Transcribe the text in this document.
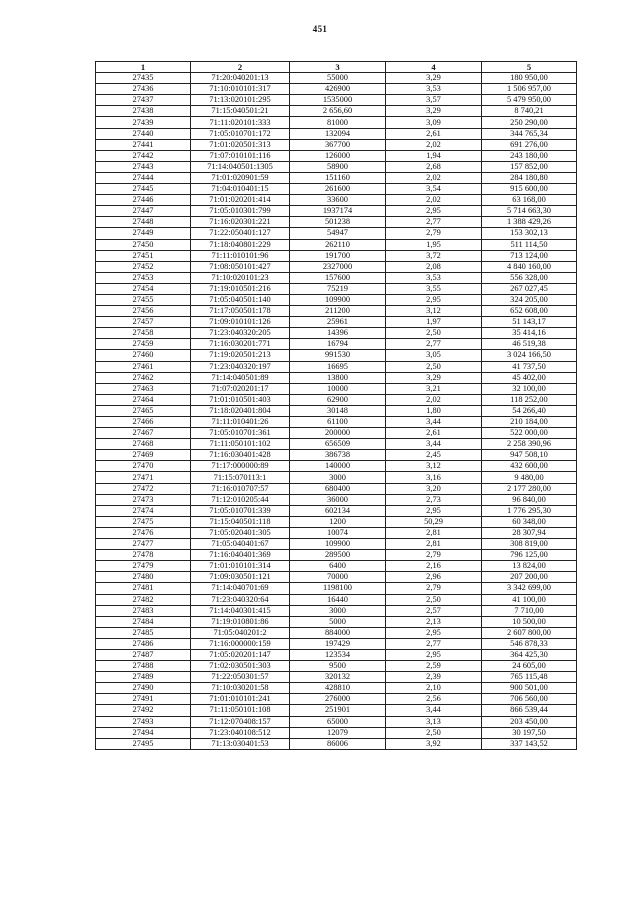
451
1	2	3	4	5
27435	71:20:040201:13	55000	3,29	180 950,00
27436	71:10:010101:317	426900	3,53	1 506 957,00
27437	71:13:020101:295	1535000	3,57	5 479 950,00
27438	71:15:040501:21	2 656,60	3,29	8 740,21
27439	71:11:020101:333	81000	3,09	250 290,00
27440	71:05:010701:172	132094	2,61	344 765,34
27441	71:01:020501:313	367700	2,02	691 276,00
27442	71:07:010101:116	126000	1,94	243 180,00
27443	71:14:040501:1305	58900	2,68	157 852,00
27444	71:01:020901:59	151160	2,02	284 180,80
27445	71:04:010401:15	261600	3,54	915 600,00
27446	71:01:020201:414	33600	2,02	63 168,00
27447	71:05:010301:799	1937174	2,95	5 714 663,30
27448	71:16:020301:221	501238	2,77	1 388 429,26
27449	71:22:050401:127	54947	2,79	153 302,13
27450	71:18:040801:229	262110	1,95	511 114,50
27451	71:11:010101:96	191700	3,72	713 124,00
27452	71:08:050101:427	2327000	2,08	4 840 160,00
27453	71:10:020101:23	157600	3,53	556 328,00
27454	71:19:010501:216	75219	3,55	267 027,45
27455	71:05:040501:140	109900	2,95	324 205,00
27456	71:17:050501:178	211200	3,12	652 608,00
27457	71:09:010101:126	25961	1,97	51 143,17
27458	71:23:040320:205	14396	2,50	35 414,16
27459	71:16:030201:771	16794	2,77	46 519,38
27460	71:19:020501:213	991530	3,05	3 024 166,50
27461	71:23:040320:197	16695	2,50	41 737,50
27462	71:14:040501:89	13800	3,29	45 402,00
27463	71:07:020201:17	10000	3,21	32 100,00
27464	71:01:010501:403	62900	2,02	118 252,00
27465	71:18:020401:804	30148	1,80	54 266,40
27466	71:11:010401:26	61100	3,44	210 184,00
27467	71:05:010701:361	200000	2,61	522 000,00
27468	71:11:050101:102	656509	3,44	2 258 390,96
27469	71:16:030401:428	386738	2,45	947 508,10
27470	71:17:000000:89	140000	3,12	432 600,00
27471	71:15:070113:1	3000	3,16	9 480,00
27472	71:16:010707:57	680400	3,20	2 177 280,00
27473	71:12:010205:44	36000	2,73	96 840,00
27474	71:05:010701:339	602134	2,95	1 776 295,30
27475	71:15:040501:118	1200	50,29	60 348,00
27476	71:05:020401:305	10074	2,81	28 307,94
27477	71:05:040401:67	109900	2,81	308 819,00
27478	71:16:040401:369	289500	2,79	796 125,00
27479	71:01:010101:314	6400	2,16	13 824,00
27480	71:09:030501:121	70000	2,96	207 200,00
27481	71:14:040701:69	1198100	2,79	3 342 699,00
27482	71:23:040320:64	16440	2,50	41 100,00
27483	71:14:040301:415	3000	2,57	7 710,00
27484	71:19:010801:86	5000	2,13	10 500,00
27485	71:05:040201:2	884000	2,95	2 607 800,00
27486	71:16:000000:159	197429	2,77	546 878,33
27487	71:05:020201:147	123534	2,95	364 425,30
27488	71:02:030501:303	9500	2,59	24 605,00
27489	71:22:050301:57	320132	2,39	765 115,48
27490	71:10:030201:58	428810	2,10	900 501,00
27491	71:01:010101:241	276000	2,56	706 560,00
27492	71:11:050101:108	251901	3,44	866 539,44
27493	71:12:070408:157	65000	3,13	203 450,00
27494	71:23:040108:512	12079	2,50	30 197,50
27495	71:13:030401:53	86006	3,92	337 143,52
